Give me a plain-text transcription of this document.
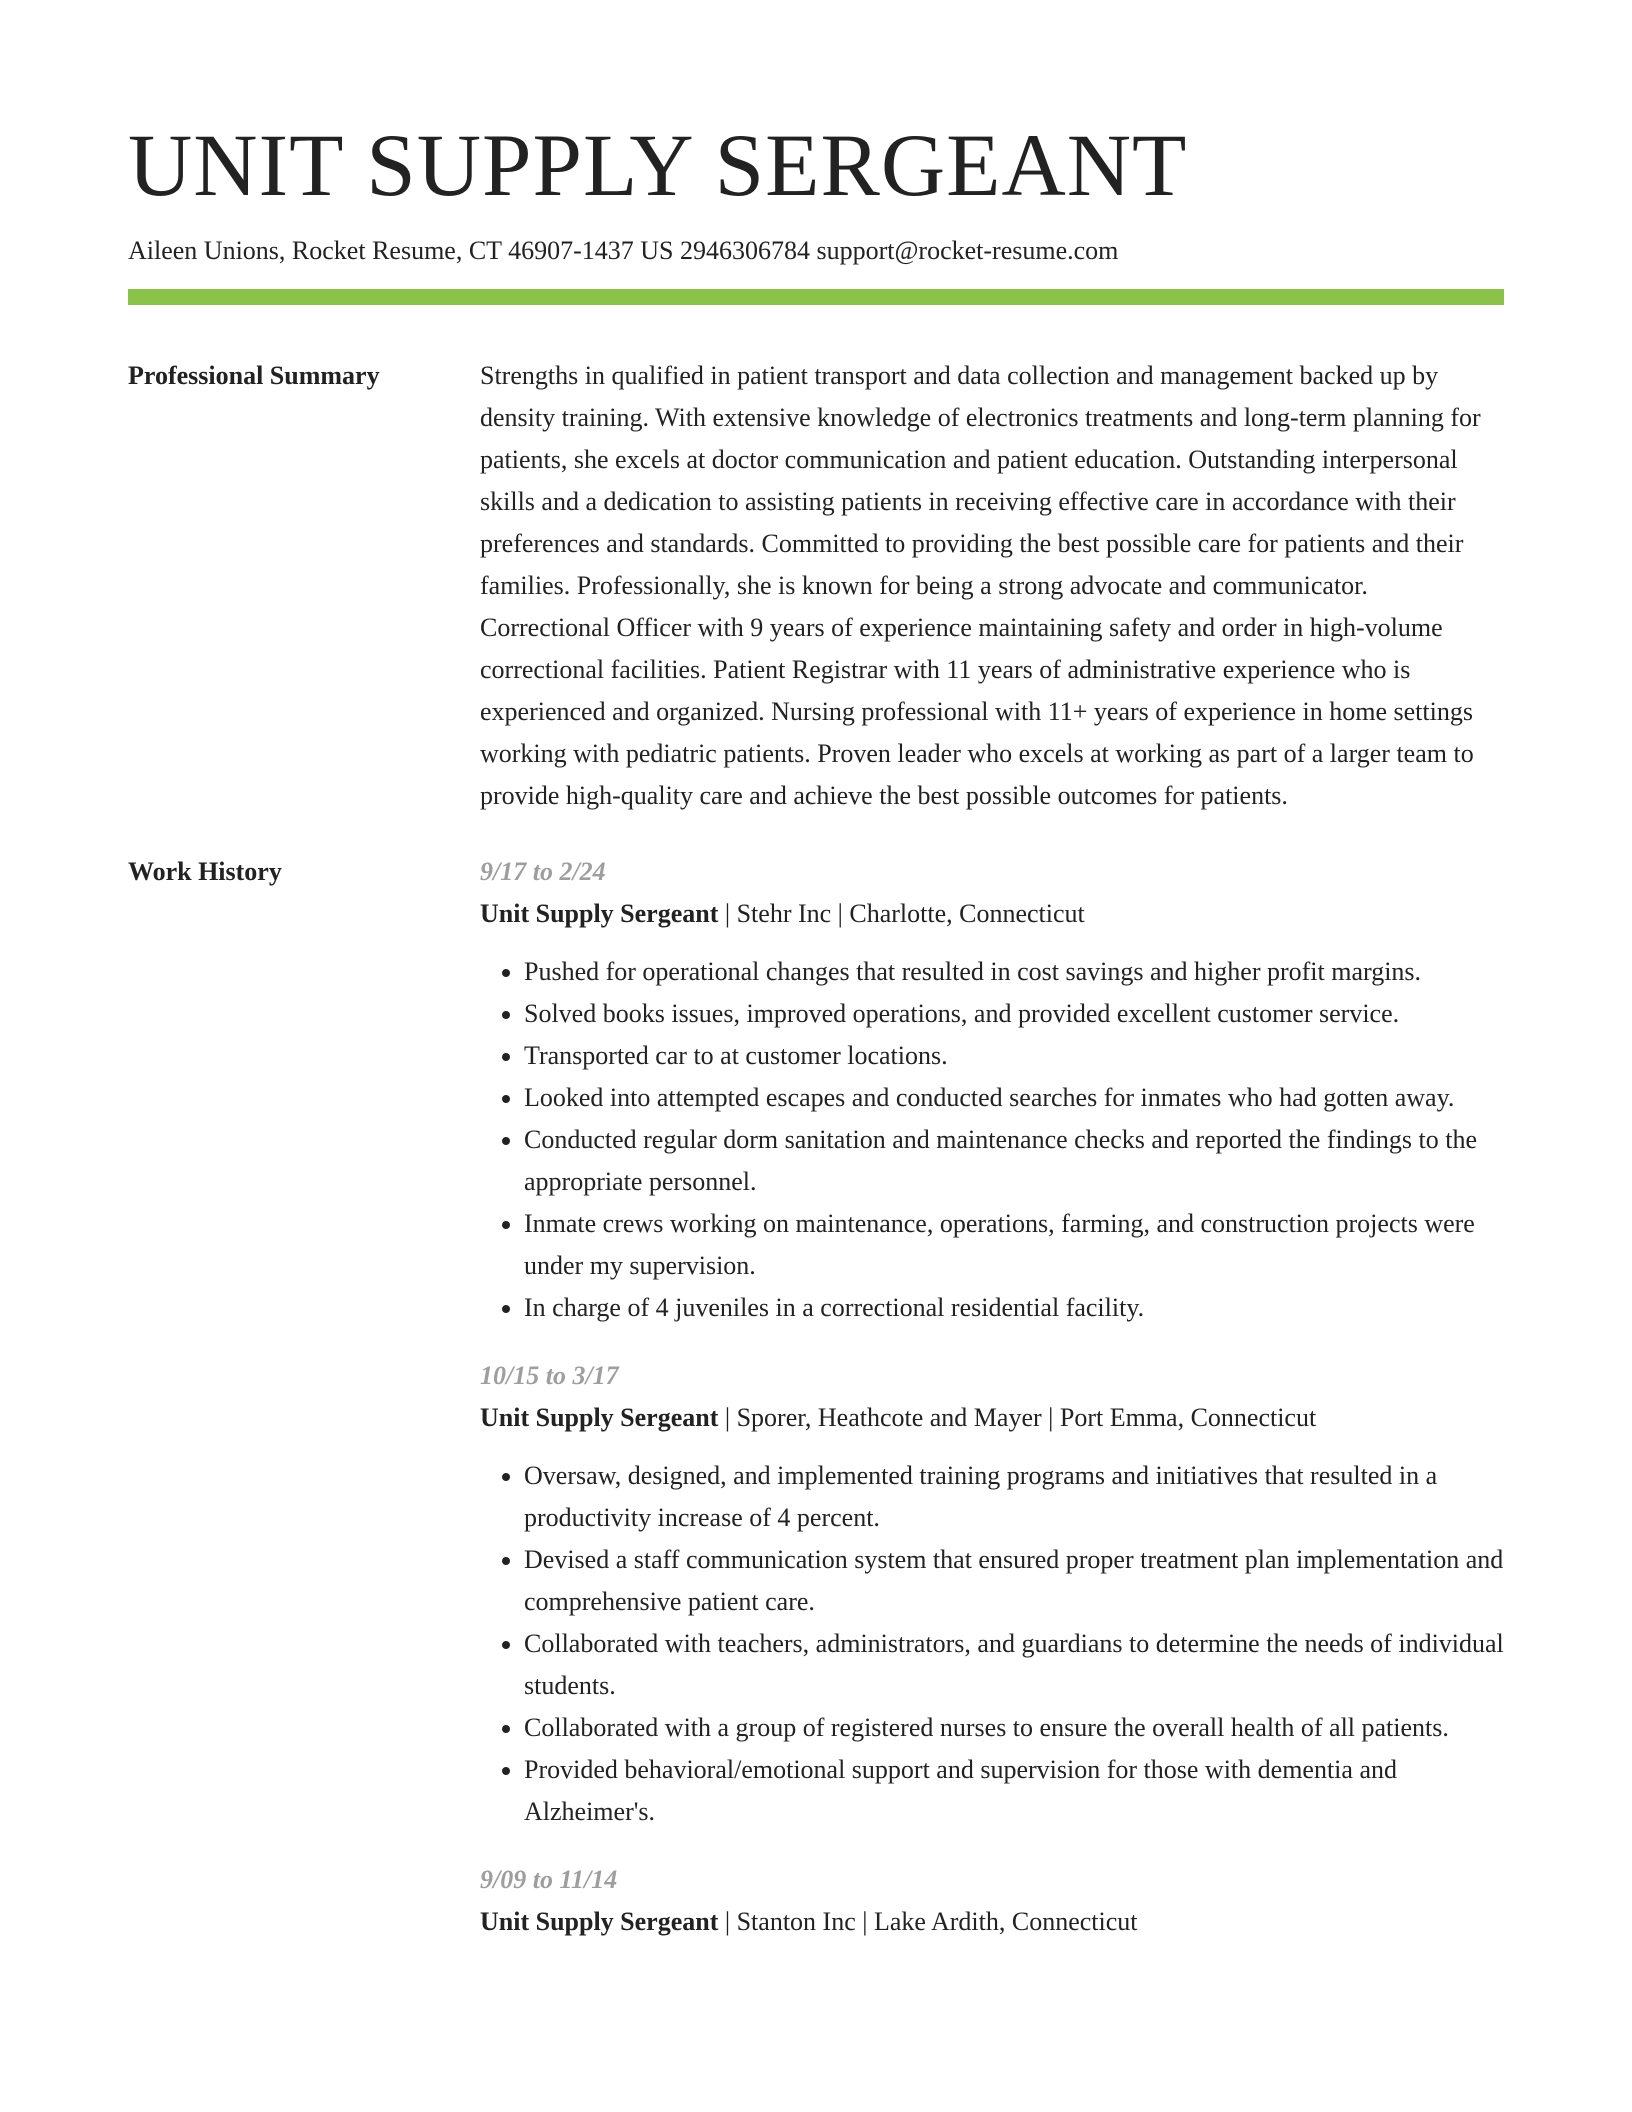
UNIT SUPPLY SERGEANT
Aileen Unions, Rocket Resume, CT 46907-1437 US 2946306784 support@rocket-resume.com
Professional Summary	Strengths in qualified in patient transport and data collection and management backed up by density training. With extensive knowledge of electronics treatments and long-term planning for patients, she excels at doctor communication and patient education. Outstanding interpersonal skills and a dedication to assisting patients in receiving effective care in accordance with their preferences and standards. Committed to providing the best possible care for patients and their families. Professionally, she is known for being a strong advocate and communicator. Correctional Officer with 9 years of experience maintaining safety and order in high-volume correctional facilities. Patient Registrar with 11 years of administrative experience who is experienced and organized. Nursing professional with 11+ years of experience in home settings working with pediatric patients. Proven leader who excels at working as part of a larger team to provide high-quality care and achieve the best possible outcomes for patients.

Work History	9/17 to 2/24
Unit Supply Sergeant | Stehr Inc | Charlotte, Connecticut
• Pushed for operational changes that resulted in cost savings and higher profit margins.
• Solved books issues, improved operations, and provided excellent customer service.
• Transported car to at customer locations.
• Looked into attempted escapes and conducted searches for inmates who had gotten away.
• Conducted regular dorm sanitation and maintenance checks and reported the findings to the appropriate personnel.
• Inmate crews working on maintenance, operations, farming, and construction projects were under my supervision.
• In charge of 4 juveniles in a correctional residential facility.
10/15 to 3/17
Unit Supply Sergeant | Sporer, Heathcote and Mayer | Port Emma, Connecticut
• Oversaw, designed, and implemented training programs and initiatives that resulted in a productivity increase of 4 percent.
• Devised a staff communication system that ensured proper treatment plan implementation and comprehensive patient care.
• Collaborated with teachers, administrators, and guardians to determine the needs of individual students.
• Collaborated with a group of registered nurses to ensure the overall health of all patients.
• Provided behavioral/emotional support and supervision for those with dementia and Alzheimer's.
9/09 to 11/14
Unit Supply Sergeant | Stanton Inc | Lake Ardith, Connecticut
